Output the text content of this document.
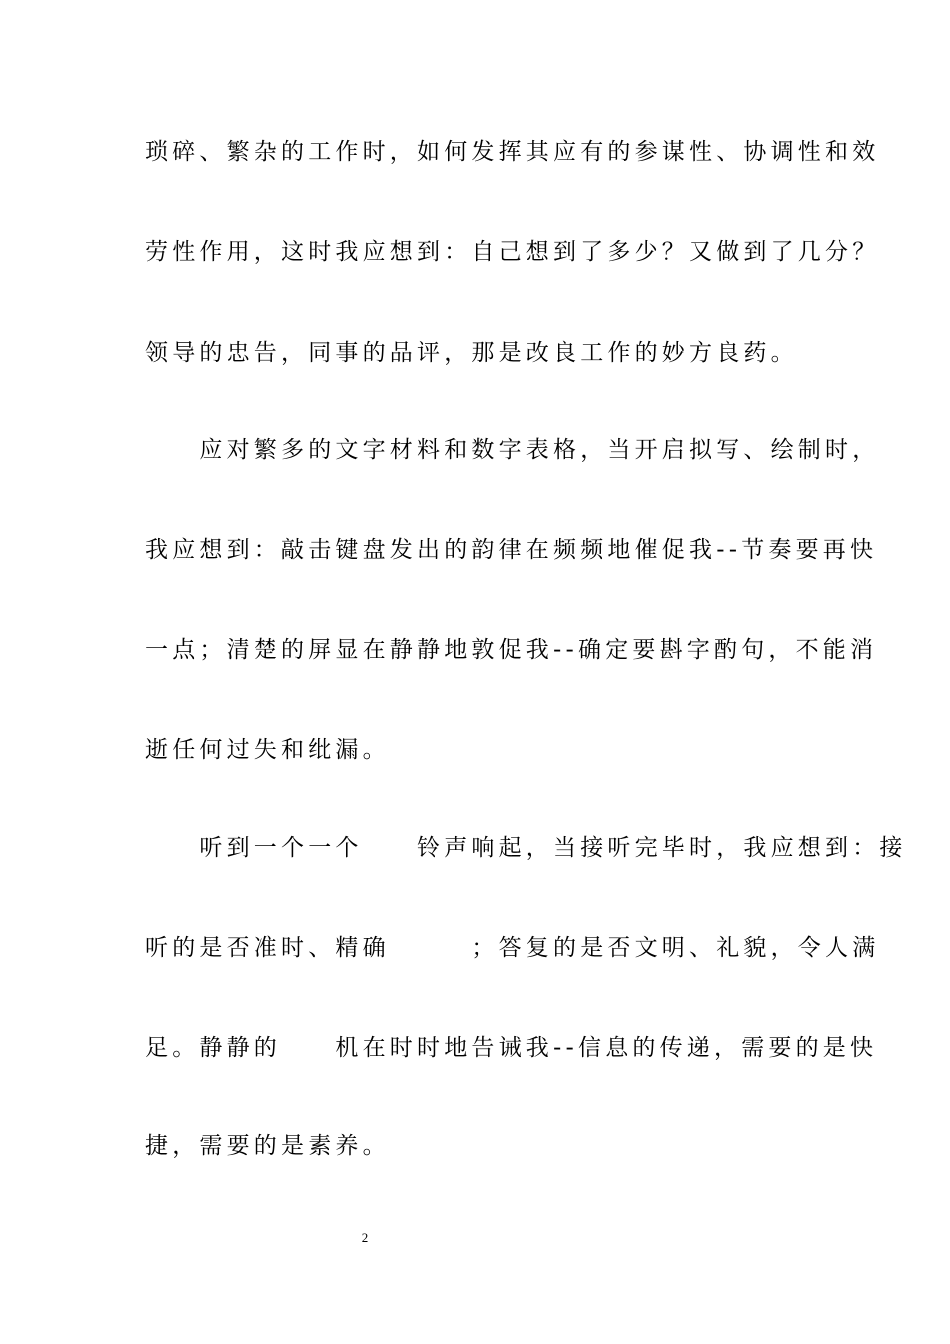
琐碎、繁杂的工作时，如何发挥其应有的参谋性、协调性和效

劳性作用，这时我应想到：自己想到了多少？又做到了几分？

领导的忠告，同事的品评，那是改良工作的妙方良药。

　　应对繁多的文字材料和数字表格，当开启拟写、绘制时，

我应想到：敲击键盘发出的韵律在频频地催促我--节奏要再快

一点；清楚的屏显在静静地敦促我--确定要斟字酌句，不能消

逝任何过失和纰漏。

　　听到一个一个　　铃声响起，当接听完毕时，我应想到：接

听的是否准时、精确　　　；答复的是否文明、礼貌，令人满

足。静静的　　机在时时地告诫我--信息的传递，需要的是快

捷，需要的是素养。

2
